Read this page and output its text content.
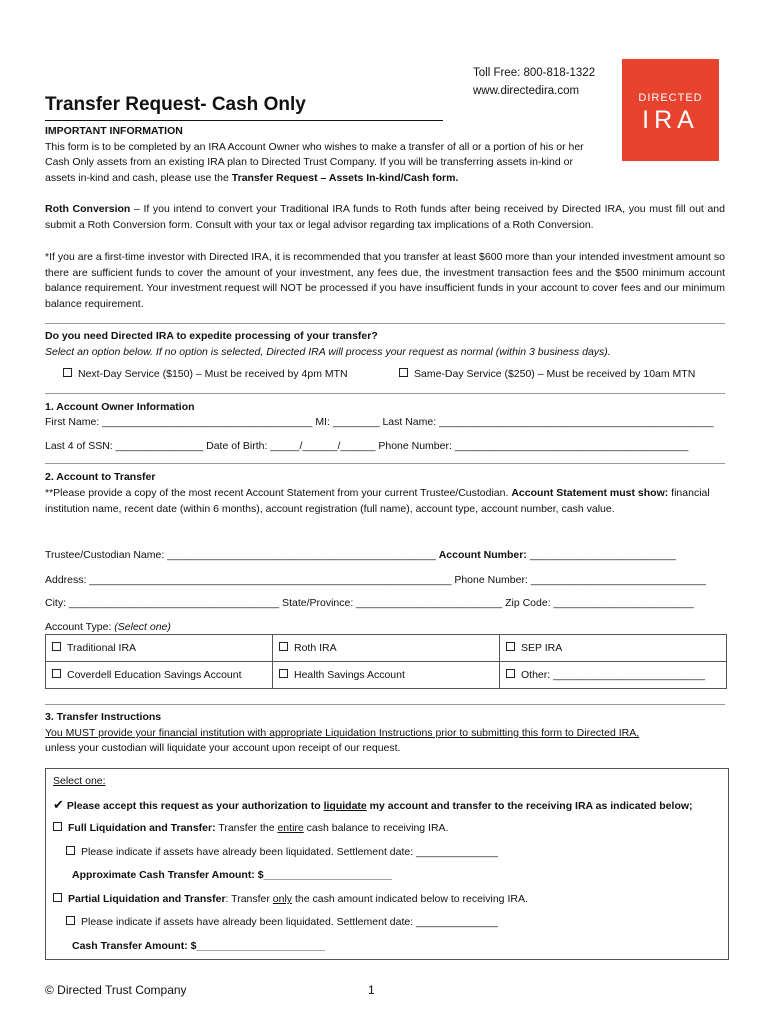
Toll Free: 800-818-1322
www.directedira.com
DIRECTED
IRA
Transfer Request- Cash Only
IMPORTANT INFORMATION
This form is to be completed by an IRA Account Owner who wishes to make a transfer of all or a portion of his or her Cash Only assets from an existing IRA plan to Directed Trust Company. If you will be transferring assets in-kind or assets in-kind and cash, please use the Transfer Request – Assets In-kind/Cash form.
Roth Conversion – If you intend to convert your Traditional IRA funds to Roth funds after being received by Directed IRA, you must fill out and submit a Roth Conversion form. Consult with your tax or legal advisor regarding tax implications of a Roth Conversion.
*If you are a first-time investor with Directed IRA, it is recommended that you transfer at least $600 more than your intended investment amount so there are sufficient funds to cover the amount of your investment, any fees due, the investment transaction fees and the $500 minimum account balance requirement. Your investment request will NOT be processed if you have insufficient funds in your account to cover fees and our minimum balance requirement.
Do you need Directed IRA to expedite processing of your transfer?
Select an option below. If no option is selected, Directed IRA will process your request as normal (within 3 business days).
Next-Day Service ($150) – Must be received by 4pm MTN	Same-Day Service ($250) – Must be received by 10am MTN
1. Account Owner Information
First Name: ____________________________________ MI: ________ Last Name: _______________________________________________
Last 4 of SSN: _______________ Date of Birth: _____/______/______ Phone Number: ________________________________________
2. Account to Transfer
**Please provide a copy of the most recent Account Statement from your current Trustee/Custodian. Account Statement must show: financial institution name, recent date (within 6 months), account registration (full name), account type, account number, cash value.
Trustee/Custodian Name: ______________________________________________ Account Number: _________________________
Address: ______________________________________________________________ Phone Number: ______________________________
City: ____________________________________ State/Province: _________________________ Zip Code: ________________________
Account Type: (Select one)
Traditional IRA	Roth IRA	SEP IRA
Coverdell Education Savings Account	Health Savings Account	Other: __________________________
3. Transfer Instructions
You MUST provide your financial institution with appropriate Liquidation Instructions prior to submitting this form to Directed IRA,
unless your custodian will liquidate your account upon receipt of our request.
Select one:
✔ Please accept this request as your authorization to liquidate my account and transfer to the receiving IRA as indicated below;
Full Liquidation and Transfer: Transfer the entire cash balance to receiving IRA.
Please indicate if assets have already been liquidated. Settlement date: ______________
Approximate Cash Transfer Amount: $______________________
Partial Liquidation and Transfer: Transfer only the cash amount indicated below to receiving IRA.
Please indicate if assets have already been liquidated. Settlement date: ______________
Cash Transfer Amount: $______________________
© Directed Trust Company	1
